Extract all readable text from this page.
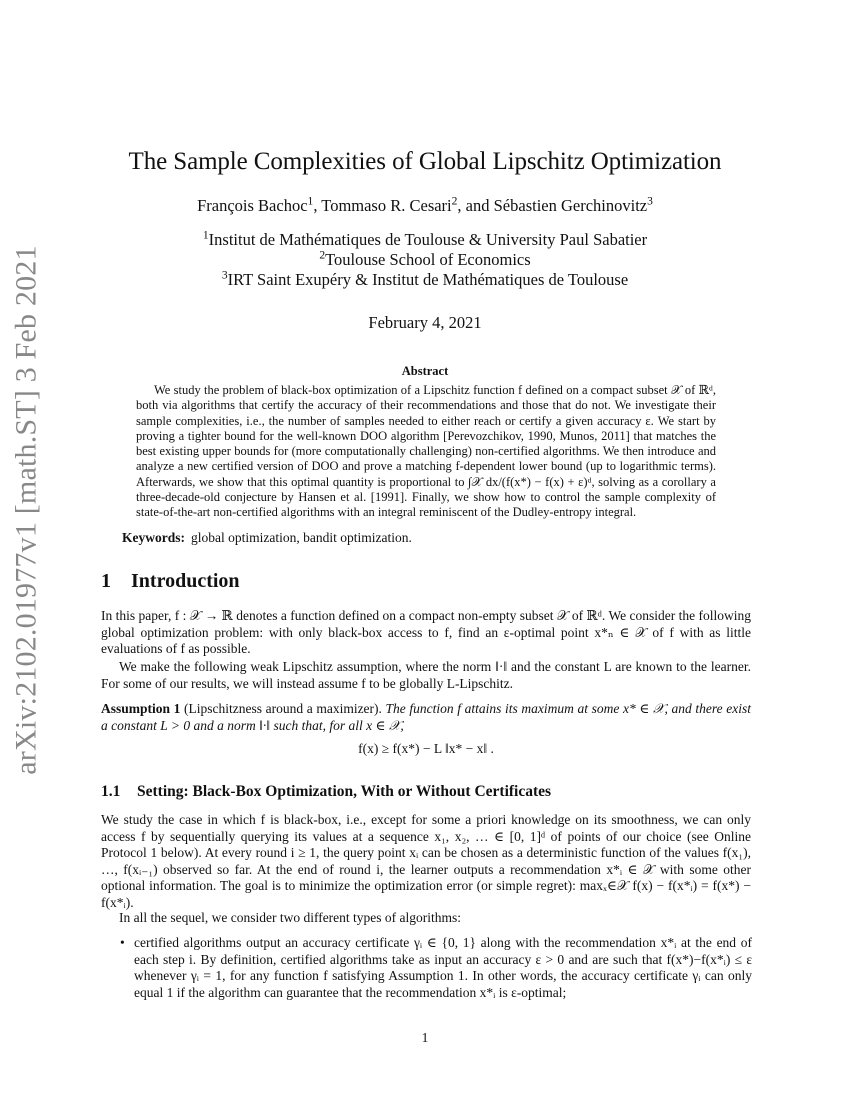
arXiv:2102.01977v1 [math.ST] 3 Feb 2021
The Sample Complexities of Global Lipschitz Optimization
François Bachoc$^1$, Tommaso R. Cesari$^2$, and Sébastien Gerchinovitz$^3$
$^1$Institut de Mathématiques de Toulouse & University Paul Sabatier
$^2$Toulouse School of Economics
$^3$IRT Saint Exupéry & Institut de Mathématiques de Toulouse
February 4, 2021
Abstract
We study the problem of black-box optimization of a Lipschitz function f defined on a compact subset 𝒳 of ℝᵈ, both via algorithms that certify the accuracy of their recommendations and those that do not. We investigate their sample complexities, i.e., the number of samples needed to either reach or certify a given accuracy ε. We start by proving a tighter bound for the well-known DOO algorithm [Perevozchikov, 1990, Munos, 2011] that matches the best existing upper bounds for (more computationally challenging) non-certified algorithms. We then introduce and analyze a new certified version of DOO and prove a matching f-dependent lower bound (up to logarithmic terms). Afterwards, we show that this optimal quantity is proportional to ∫𝒳 dx/(f(x*) − f(x) + ε)ᵈ, solving as a corollary a three-decade-old conjecture by Hansen et al. [1991]. Finally, we show how to control the sample complexity of state-of-the-art non-certified algorithms with an integral reminiscent of the Dudley-entropy integral.
Keywords: global optimization, bandit optimization.
1 Introduction
In this paper, f : 𝒳 → ℝ denotes a function defined on a compact non-empty subset 𝒳 of ℝᵈ. We consider the following global optimization problem: with only black-box access to f, find an ε-optimal point x*ₙ ∈ 𝒳 of f with as little evaluations of f as possible.
We make the following weak Lipschitz assumption, where the norm ‖·‖ and the constant L are known to the learner. For some of our results, we will instead assume f to be globally L-Lipschitz.
Assumption 1 (Lipschitzness around a maximizer). The function f attains its maximum at some x* ∈ 𝒳, and there exist a constant L > 0 and a norm ‖·‖ such that, for all x ∈ 𝒳,
f(x) ≥ f(x*) − L ‖x* − x‖ .
1.1 Setting: Black-Box Optimization, With or Without Certificates
We study the case in which f is black-box, i.e., except for some a priori knowledge on its smoothness, we can only access f by sequentially querying its values at a sequence x₁, x₂, … ∈ [0, 1]ᵈ of points of our choice (see Online Protocol 1 below). At every round i ≥ 1, the query point xᵢ can be chosen as a deterministic function of the values f(x₁), …, f(xᵢ₋₁) observed so far. At the end of round i, the learner outputs a recommendation x*ᵢ ∈ 𝒳 with some other optional information. The goal is to minimize the optimization error (or simple regret): maxₓ∈𝒳 f(x) − f(x*ᵢ) = f(x*) − f(x*ᵢ).
In all the sequel, we consider two different types of algorithms:
• certified algorithms output an accuracy certificate γᵢ ∈ {0, 1} along with the recommendation x*ᵢ at the end of each step i. By definition, certified algorithms take as input an accuracy ε > 0 and are such that f(x*)−f(x*ᵢ) ≤ ε whenever γᵢ = 1, for any function f satisfying Assumption 1. In other words, the accuracy certificate γᵢ can only equal 1 if the algorithm can guarantee that the recommendation x*ᵢ is ε-optimal;
1
